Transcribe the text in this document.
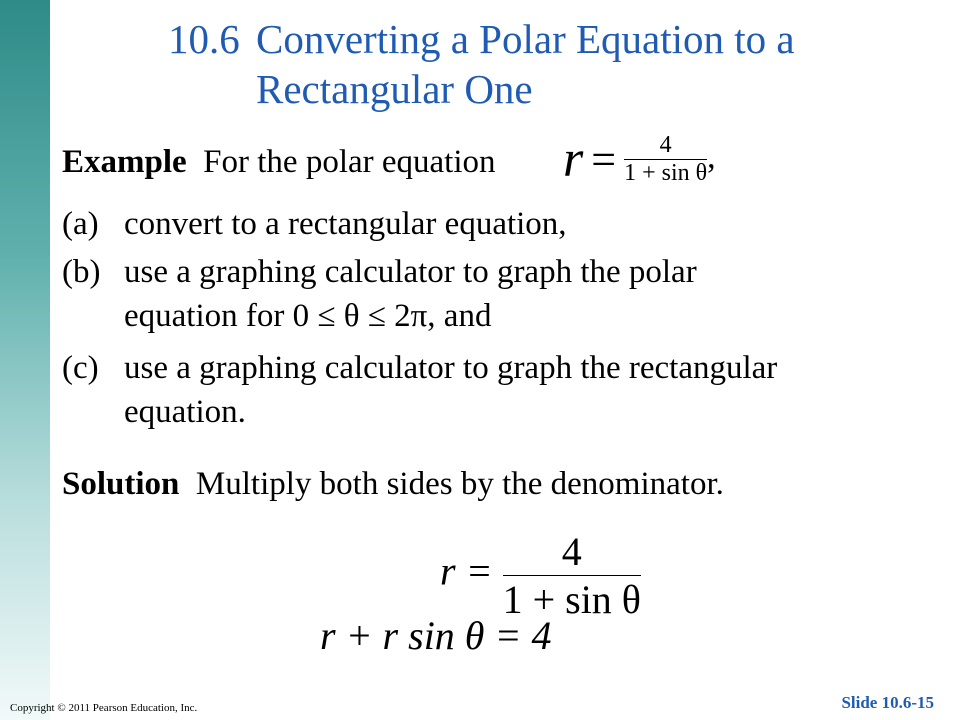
10.6 Converting a Polar Equation to a
Rectangular One
Example For the polar equation $r = \frac{4}{\text{1 + sin θ}}$ ,
(a) convert to a rectangular equation,
(b) use a graphing calculator to graph the polar
equation for 0 ≤ θ ≤ 2π, and
(c) use a graphing calculator to graph the rectangular
equation.
Solution Multiply both sides by the denominator.
$r = \frac{4}{\text{1 + sin θ}}$
r + r sin θ = 4
Copyright © 2011 Pearson Education, Inc.	Slide 10.6-15
